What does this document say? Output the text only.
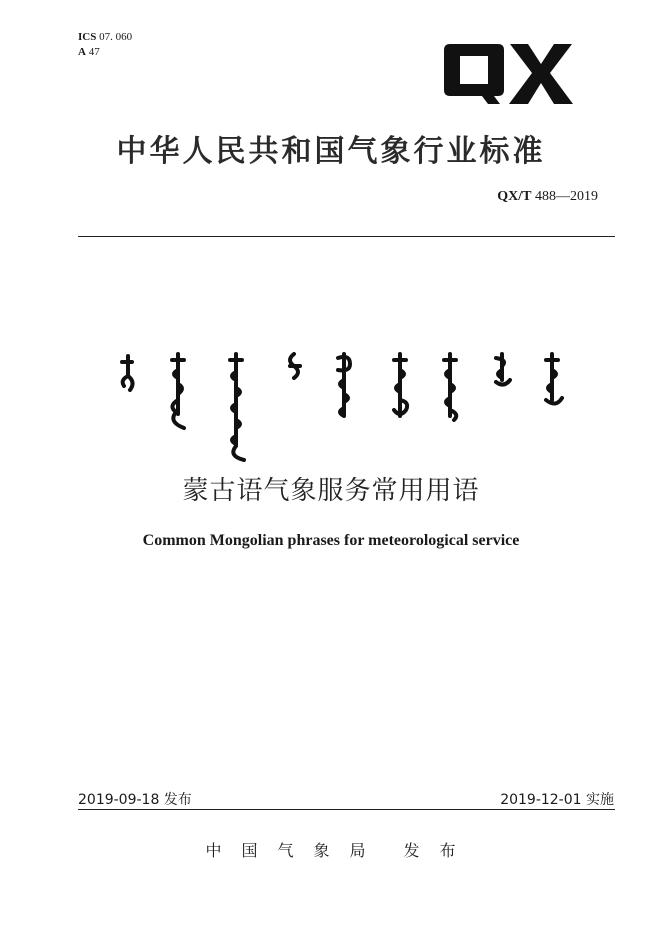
ICS 07. 060
A 47
中华人民共和国气象行业标准
QX/T 488—2019
蒙古语气象服务常用用语
Common Mongolian phrases for meteorological service
2019-09-18 发布	2019-12-01 实施
中 国 气 象 局 发 布
